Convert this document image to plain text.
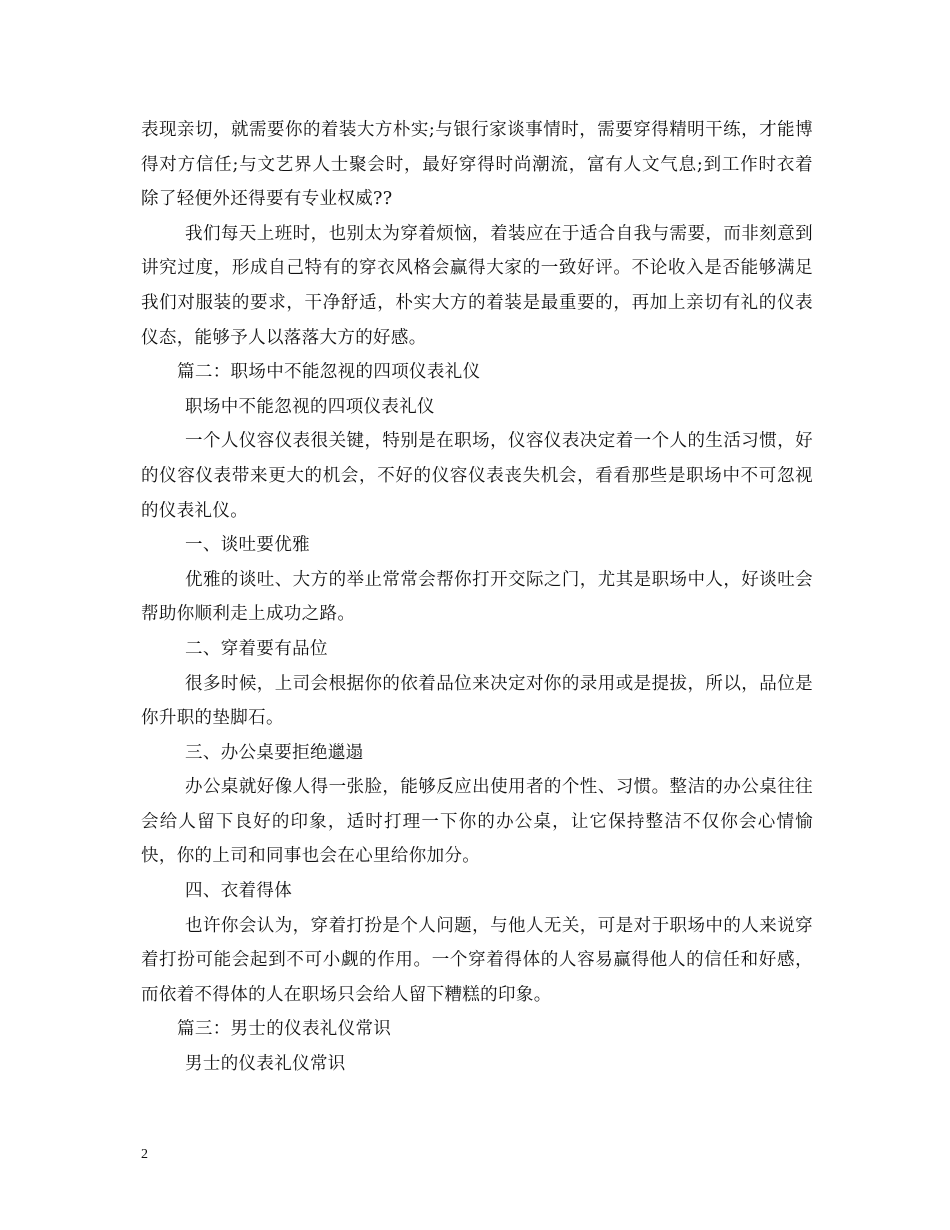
表现亲切，就需要你的着装大方朴实;与银行家谈事情时，需要穿得精明干练，才能博得对方信任;与文艺界人士聚会时，最好穿得时尚潮流，富有人文气息;到工作时衣着除了轻便外还得要有专业权威??

我们每天上班时，也别太为穿着烦恼，着装应在于适合自我与需要，而非刻意到讲究过度，形成自己特有的穿衣风格会赢得大家的一致好评。不论收入是否能够满足我们对服装的要求，干净舒适，朴实大方的着装是最重要的，再加上亲切有礼的仪表仪态，能够予人以落落大方的好感。

篇二：职场中不能忽视的四项仪表礼仪

职场中不能忽视的四项仪表礼仪

一个人仪容仪表很关键，特别是在职场，仪容仪表决定着一个人的生活习惯，好的仪容仪表带来更大的机会，不好的仪容仪表丧失机会，看看那些是职场中不可忽视的仪表礼仪。

一、谈吐要优雅

优雅的谈吐、大方的举止常常会帮你打开交际之门，尤其是职场中人，好谈吐会帮助你顺利走上成功之路。

二、穿着要有品位

很多时候，上司会根据你的依着品位来决定对你的录用或是提拔，所以，品位是你升职的垫脚石。

三、办公桌要拒绝邋遢

办公桌就好像人得一张脸，能够反应出使用者的个性、习惯。整洁的办公桌往往会给人留下良好的印象，适时打理一下你的办公桌，让它保持整洁不仅你会心情愉快，你的上司和同事也会在心里给你加分。

四、衣着得体

也许你会认为，穿着打扮是个人问题，与他人无关，可是对于职场中的人来说穿着打扮可能会起到不可小觑的作用。一个穿着得体的人容易赢得他人的信任和好感，而依着不得体的人在职场只会给人留下糟糕的印象。

篇三：男士的仪表礼仪常识

男士的仪表礼仪常识

2
